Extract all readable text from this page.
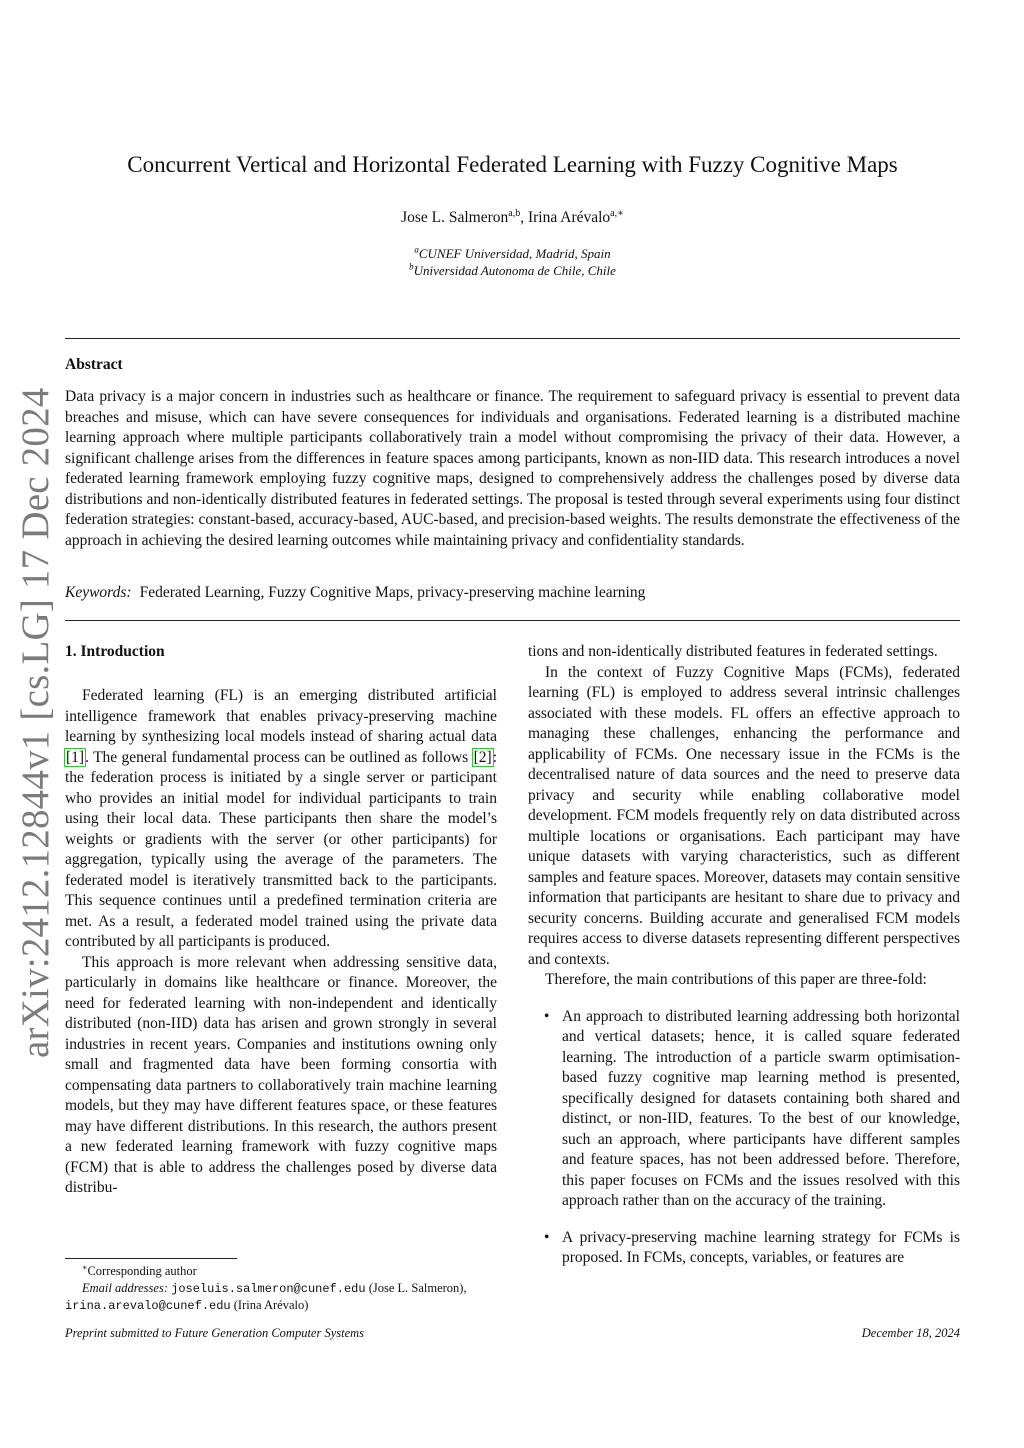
arXiv:2412.12844v1 [cs.LG] 17 Dec 2024
Concurrent Vertical and Horizontal Federated Learning with Fuzzy Cognitive Maps
Jose L. Salmeron$^{a,b}$, Irina Arévalo$^{a,∗}$
$^a$CUNEF Universidad, Madrid, Spain
$^b$Universidad Autonoma de Chile, Chile
Abstract

Data privacy is a major concern in industries such as healthcare or finance. The requirement to safeguard privacy is essential to prevent data breaches and misuse, which can have severe consequences for individuals and organisations. Federated learning is a distributed machine learning approach where multiple participants collaboratively train a model without compromising the privacy of their data. However, a significant challenge arises from the differences in feature spaces among participants, known as non-IID data. This research introduces a novel federated learning framework employing fuzzy cognitive maps, designed to comprehensively address the challenges posed by diverse data distributions and non-identically distributed features in federated settings. The proposal is tested through several experiments using four distinct federation strategies: constant-based, accuracy-based, AUC-based, and precision-based weights. The results demonstrate the effectiveness of the approach in achieving the desired learning outcomes while maintaining privacy and confidentiality standards.

Keywords: Federated Learning, Fuzzy Cognitive Maps, privacy-preserving machine learning

1. Introduction

Federated learning (FL) is an emerging distributed artificial intelligence framework that enables privacy-preserving machine learning by synthesizing local models instead of sharing actual data [1]. The general fundamental process can be outlined as follows [2]: the federation process is initiated by a single server or participant who provides an initial model for individual participants to train using their local data. These participants then share the model’s weights or gradients with the server (or other participants) for aggregation, typically using the average of the parameters. The federated model is iteratively transmitted back to the participants. This sequence continues until a predefined termination criteria are met. As a result, a federated model trained using the private data contributed by all participants is produced.

This approach is more relevant when addressing sensitive data, particularly in domains like healthcare or finance. Moreover, the need for federated learning with non-independent and identically distributed (non-IID) data has arisen and grown strongly in several industries in recent years. Companies and institutions owning only small and fragmented data have been forming consortia with compensating data partners to collaboratively train machine learning models, but they may have different features space, or these features may have different distributions. In this research, the authors present a new federated learning framework with fuzzy cognitive maps (FCM) that is able to address the challenges posed by diverse data distribu-

tions and non-identically distributed features in federated settings.

In the context of Fuzzy Cognitive Maps (FCMs), federated learning (FL) is employed to address several intrinsic challenges associated with these models. FL offers an effective approach to managing these challenges, enhancing the performance and applicability of FCMs. One necessary issue in the FCMs is the decentralised nature of data sources and the need to preserve data privacy and security while enabling collaborative model development. FCM models frequently rely on data distributed across multiple locations or organisations. Each participant may have unique datasets with varying characteristics, such as different samples and feature spaces. Moreover, datasets may contain sensitive information that participants are hesitant to share due to privacy and security concerns. Building accurate and generalised FCM models requires access to diverse datasets representing different perspectives and contexts.

Therefore, the main contributions of this paper are three-fold:

• An approach to distributed learning addressing both horizontal and vertical datasets; hence, it is called square federated learning. The introduction of a particle swarm optimisation-based fuzzy cognitive map learning method is presented, specifically designed for datasets containing both shared and distinct, or non-IID, features. To the best of our knowledge, such an approach, where participants have different samples and feature spaces, has not been addressed before. Therefore, this paper focuses on FCMs and the issues resolved with this approach rather than on the accuracy of the training.
• A privacy-preserving machine learning strategy for FCMs is proposed. In FCMs, concepts, variables, or features are
∗Corresponding author
Email addresses: joseluis.salmeron@cunef.edu (Jose L. Salmeron),
irina.arevalo@cunef.edu (Irina Arévalo)
Preprint submitted to Future Generation Computer Systems	December 18, 2024
